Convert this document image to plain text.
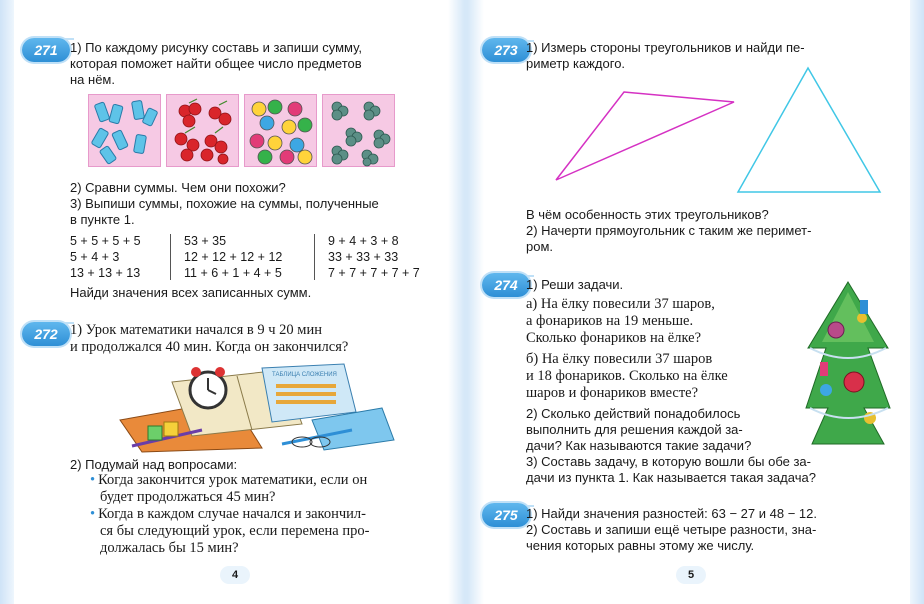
271 1) По каждому рисунку составь и запиши сумму,
которая поможет найти общее число предметов
на нём.
2) Сравни суммы. Чем они похожи?
3) Выпиши суммы, похожие на суммы, полученные
в пункте 1.
5 + 5 + 5 + 5
5 + 4 + 3
13 + 13 + 13
53 + 35
12 + 12 + 12 + 12
11 + 6 + 1 + 4 + 5
9 + 4 + 3 + 8
33 + 33 + 33
7 + 7 + 7 + 7 + 7
Найди значения всех записанных сумм.
272 1) Урок математики начался в 9 ч 20 мин
и продолжался 40 мин. Когда он закончился?
ТАБЛИЦА СЛОЖЕНИЯ
2) Подумай над вопросами:
• Когда закончится урок математики, если он
будет продолжаться 45 мин?
• Когда в каждом случае начался и закончил-
ся бы следующий урок, если перемена про-
должалась бы 15 мин?
4
273 1) Измерь стороны треугольников и найди пе-
риметр каждого.
В чём особенность этих треугольников?
2) Начерти прямоугольник с таким же перимет-
ром.
274 1) Реши задачи.
а) На ёлку повесили 37 шаров,
а фонариков на 19 меньше.
Сколько фонариков на ёлке?
б) На ёлку повесили 37 шаров
и 18 фонариков. Сколько на ёлке
шаров и фонариков вместе?
2) Сколько действий понадобилось
выполнить для решения каждой за-
дачи? Как называются такие задачи?
3) Составь задачу, в которую вошли бы обе за-
дачи из пункта 1. Как называется такая задача?
275 1) Найди значения разностей: 63 − 27 и 48 − 12.
2) Составь и запиши ещё четыре разности, зна-
чения которых равны этому же числу.
5
